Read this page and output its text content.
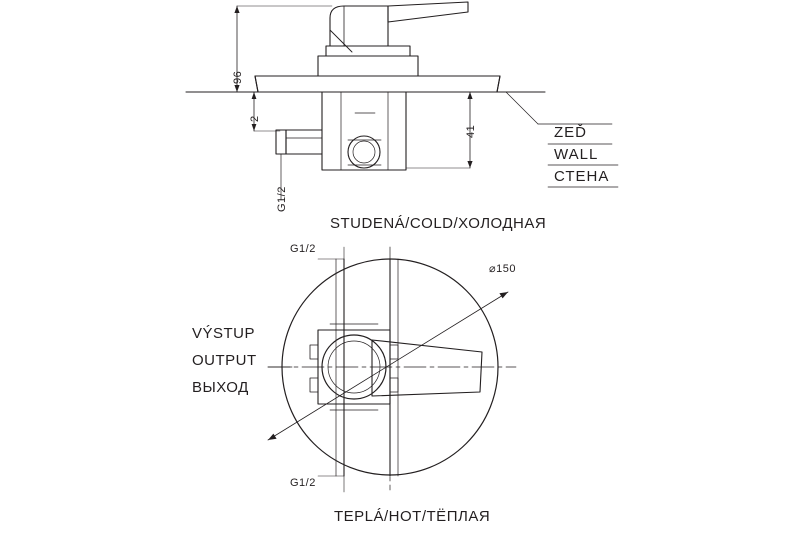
96
2
41
G1/2
ZEĎ
WALL
СТЕНА
STUDENÁ/COLD/ХОЛОДНАЯ
TEPLÁ/HOT/ТЁПЛАЯ
VÝSTUP
OUTPUT
ВЫХОД
⌀150
G1/2
G1/2
